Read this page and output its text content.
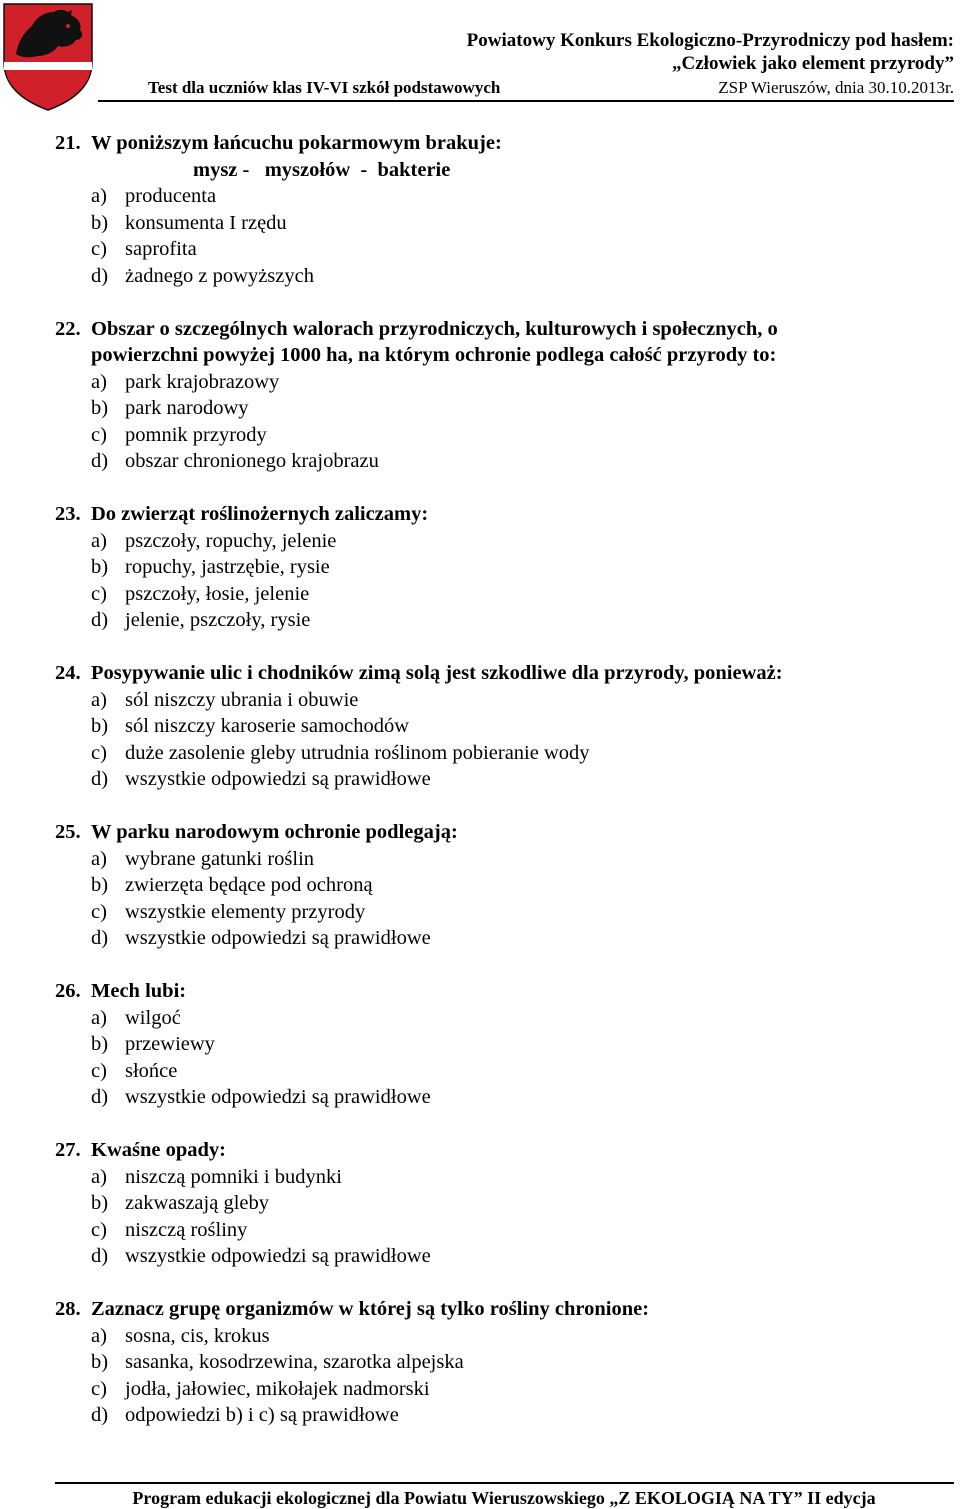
Powiatowy Konkurs Ekologiczno-Przyrodniczy pod hasłem:
„Człowiek jako element przyrody”
Test dla uczniów klas IV-VI szkół podstawowych	ZSP Wieruszów, dnia 30.10.2013r.
21. W poniższym łańcuchu pokarmowym brakuje:
mysz -   myszołów  -  bakterie
a) producenta
b) konsumenta I rzędu
c) saprofita
d) żadnego z powyższych
22. Obszar o szczególnych walorach przyrodniczych, kulturowych i społecznych, o
powierzchni powyżej 1000 ha, na którym ochronie podlega całość przyrody to:
a) park krajobrazowy
b) park narodowy
c) pomnik przyrody
d) obszar chronionego krajobrazu
23. Do zwierząt roślinożernych zaliczamy:
a) pszczoły, ropuchy, jelenie
b) ropuchy, jastrzębie, rysie
c) pszczoły, łosie, jelenie
d) jelenie, pszczoły, rysie
24. Posypywanie ulic i chodników zimą solą jest szkodliwe dla przyrody, ponieważ:
a) sól niszczy ubrania i obuwie
b) sól niszczy karoserie samochodów
c) duże zasolenie gleby utrudnia roślinom pobieranie wody
d) wszystkie odpowiedzi są prawidłowe
25. W parku narodowym ochronie podlegają:
a) wybrane gatunki roślin
b) zwierzęta będące pod ochroną
c) wszystkie elementy przyrody
d) wszystkie odpowiedzi są prawidłowe
26. Mech lubi:
a) wilgoć
b) przewiewy
c) słońce
d) wszystkie odpowiedzi są prawidłowe
27. Kwaśne opady:
a) niszczą pomniki i budynki
b) zakwaszają gleby
c) niszczą rośliny
d) wszystkie odpowiedzi są prawidłowe
28. Zaznacz grupę organizmów w której są tylko rośliny chronione:
a) sosna, cis, krokus
b) sasanka, kosodrzewina, szarotka alpejska
c) jodła, jałowiec, mikołajek nadmorski
d) odpowiedzi b) i c) są prawidłowe
Program edukacji ekologicznej dla Powiatu Wieruszowskiego „Z EKOLOGIĄ NA TY” II edycja
